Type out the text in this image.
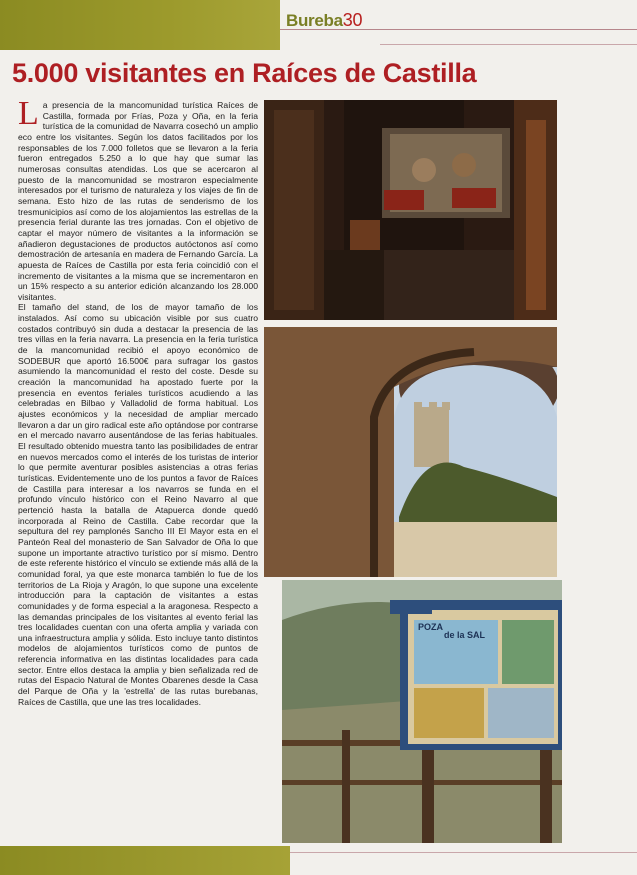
Bureba30
5.000 visitantes en Raíces de Castilla

La presencia de la mancomunidad turística Raíces de Castilla, formada por Frías, Poza y Oña, en la feria turística de la comunidad de Navarra cosechó un amplio eco entre los visitantes. Según los datos facilitados por los responsables de los 7.000 folletos que se llevaron a la feria fueron entregados 5.250 a lo que hay que sumar las numerosas consultas atendidas. Los que se acercaron al puesto de la mancomunidad se mostraron especialmente interesados por el turismo de naturaleza y los viajes de fin de semana. Esto hizo de las rutas de senderismo de los tresmunicipios así como de los alojamientos las estrellas de la presencia ferial durante las tres jornadas. Con el objetivo de captar el mayor número de visitantes a la información se añadieron degustaciones de productos autóctonos así como demostración de artesanía en madera de Fernando García. La apuesta de Raíces de Castilla por esta feria coincidió con el incremento de visitantes a la misma que se incrementaron en un 15% respecto a su anterior edición alcanzando los 28.000 visitantes.

El tamaño del stand, de los de mayor tamaño de los instalados. Así como su ubicación visible por sus cuatro costados contribuyó sin duda a destacar la presencia de las tres villas en la feria navarra. La presencia en la feria turística de la mancomunidad recibió el apoyo económico de SODEBUR que aportó 16.500€ para sufragar los gastos asumiendo la mancomunidad el resto del coste. Desde su creación la mancomunidad ha apostado fuerte por la presencia en eventos feriales turísticos acudiendo a las celebradas en Bilbao y Valladolid de forma habitual. Los ajustes económicos y la necesidad de ampliar mercado llevaron a dar un giro radical este año optándose por contrarse en el mercado navarro ausentándose de las ferias habituales. El resultado obtenido muestra tanto las posibilidades de entrar en nuevos mercados como el interés de los turistas de interior lo que permite aventurar posibles asistencias a otras ferias turísticas. Evidentemente uno de los puntos a favor de Raíces de Castilla para interesar a los navarros se funda en el profundo vínculo histórico con el Reino Navarro al que pertenció hasta la batalla de Atapuerca donde quedó incorporada al Reino de Castilla. Cabe recordar que la sepultura del rey pamplonés Sancho III El Mayor esta en el Panteón Real del monasterio de San Salvador de Oña lo que supone un importante atractivo turístico por sí mismo. Dentro de este referente histórico el vínculo se extiende más allá de la comunidad foral, ya que este monarca también lo fue de los territorios de La Rioja y Aragón, lo que supone una excelente introducción para la captación de visitantes a estas comunidades y de forma especial a la aragonesa. Respecto a las demandas principales de los visitantes al evento ferial las tres localidades cuentan con una oferta amplia y variada con una infraestructura amplia y sólida. Esto incluye tanto distintos modelos de alojamientos turísticos como de puntos de referencia informativa en las distintas localidades para cada sector. Entre ellos destaca la amplia y bien señalizada red de rutas del Espacio Natural de Montes Obarenes desde la Casa del Parque de Oña y la 'estrella' de las rutas burebanas, Raíces de Castilla, que une las tres localidades.

POZA
de la SAL
